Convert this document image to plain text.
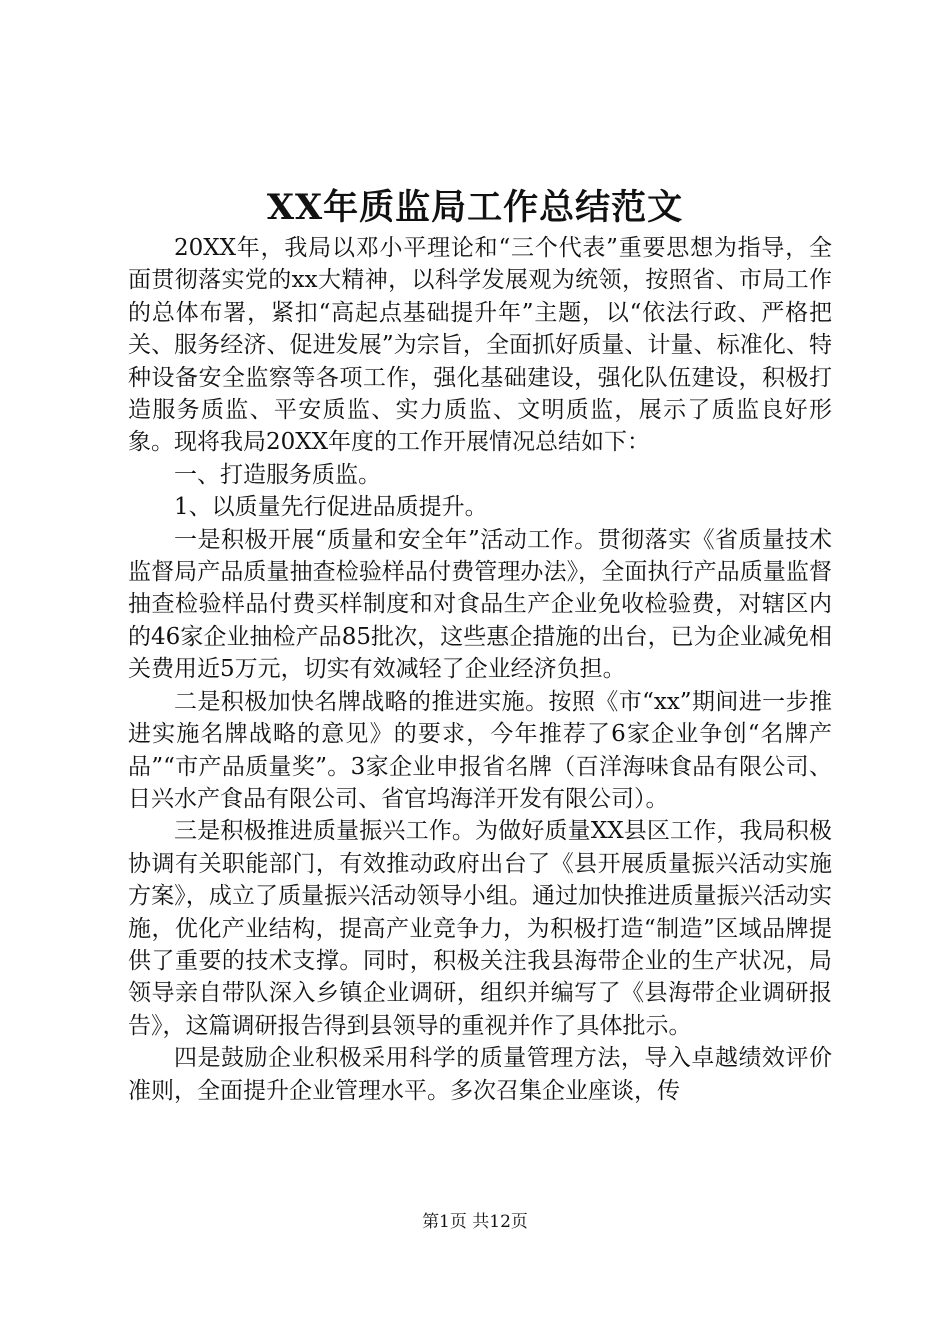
XX年质监局工作总结范文

20XX年，我局以邓小平理论和“三个代表”重要思想为指导，全面贯彻落实党的xx大精神，以科学发展观为统领，按照省、市局工作的总体布署，紧扣“高起点基础提升年”主题，以“依法行政、严格把关、服务经济、促进发展”为宗旨，全面抓好质量、计量、标准化、特种设备安全监察等各项工作，强化基础建设，强化队伍建设，积极打造服务质监、平安质监、实力质监、文明质监，展示了质监良好形象。现将我局20XX年度的工作开展情况总结如下：

一、打造服务质监。

1、以质量先行促进品质提升。

一是积极开展“质量和安全年”活动工作。贯彻落实《省质量技术监督局产品质量抽查检验样品付费管理办法》，全面执行产品质量监督抽查检验样品付费买样制度和对食品生产企业免收检验费，对辖区内的46家企业抽检产品85批次，这些惠企措施的出台，已为企业减免相关费用近5万元，切实有效减轻了企业经济负担。

二是积极加快名牌战略的推进实施。按照《市“xx”期间进一步推进实施名牌战略的意见》的要求，今年推荐了6家企业争创“名牌产品”“市产品质量奖”。3家企业申报省名牌（百洋海味食品有限公司、日兴水产食品有限公司、省官坞海洋开发有限公司）。

三是积极推进质量振兴工作。为做好质量XX县区工作，我局积极协调有关职能部门，有效推动政府出台了《县开展质量振兴活动实施方案》，成立了质量振兴活动领导小组。通过加快推进质量振兴活动实施，优化产业结构，提高产业竞争力，为积极打造“制造”区域品牌提供了重要的技术支撑。同时，积极关注我县海带企业的生产状况，局领导亲自带队深入乡镇企业调研，组织并编写了《县海带企业调研报告》，这篇调研报告得到县领导的重视并作了具体批示。

四是鼓励企业积极采用科学的质量管理方法，导入卓越绩效评价准则，全面提升企业管理水平。多次召集企业座谈，传

第1页 共12页
